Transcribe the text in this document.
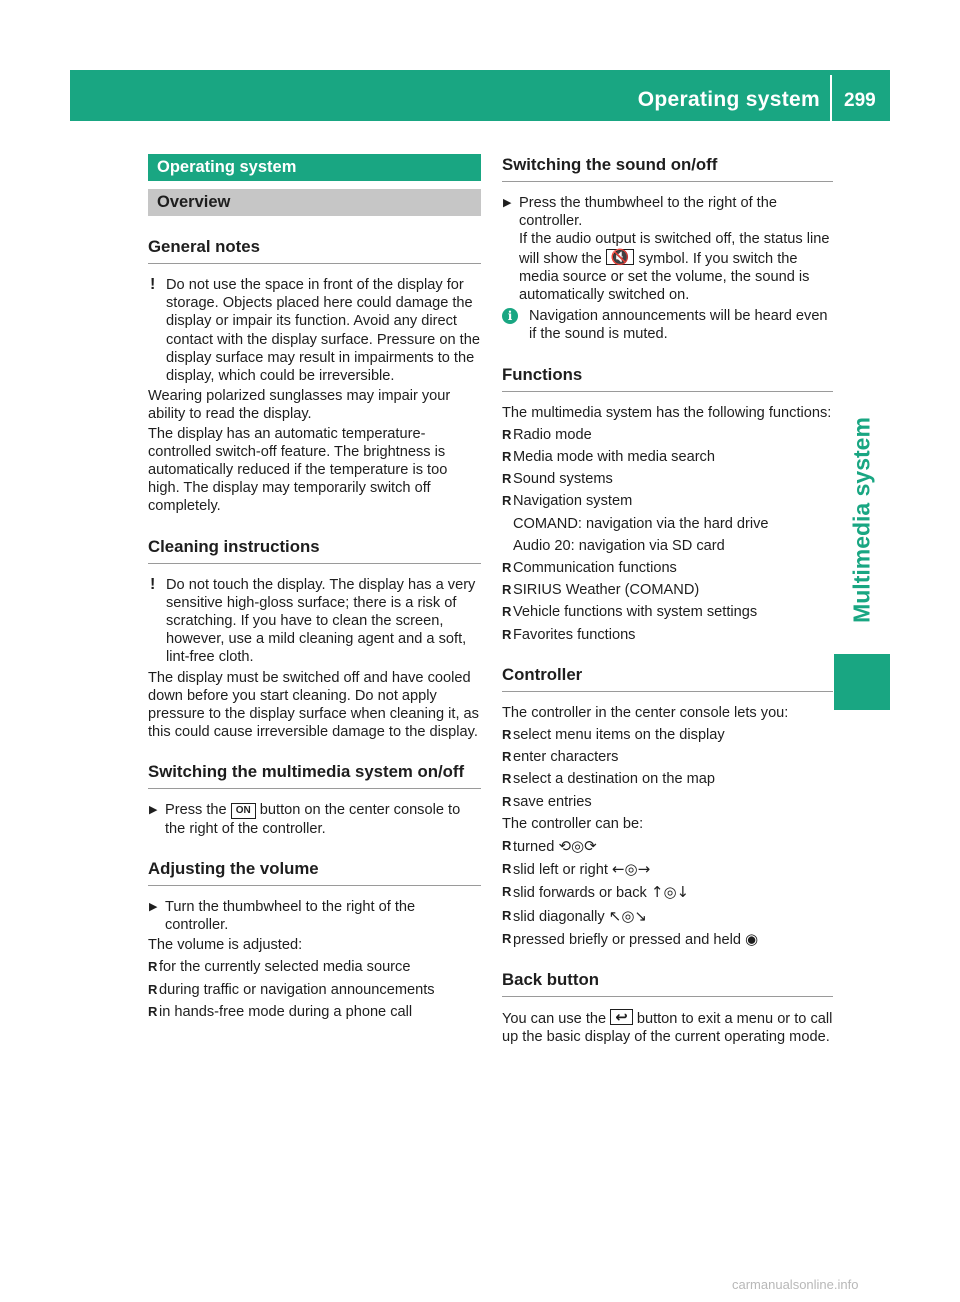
Operating system 299
Multimedia system
Operating system
Overview
General notes
! Do not use the space in front of the display for storage. Objects placed here could damage the display or impair its function. Avoid any direct contact with the display surface. Pressure on the display surface may result in impairments to the display, which could be irreversible.

Wearing polarized sunglasses may impair your ability to read the display.

The display has an automatic temperature-controlled switch-off feature. The brightness is automatically reduced if the temperature is too high. The display may temporarily switch off completely.

Cleaning instructions
! Do not touch the display. The display has a very sensitive high-gloss surface; there is a risk of scratching. If you have to clean the screen, however, use a mild cleaning agent and a soft, lint-free cloth.

The display must be switched off and have cooled down before you start cleaning. Do not apply pressure to the display surface when cleaning it, as this could cause irreversible damage to the display.

Switching the multimedia system on/off
▶ Press the ON button on the center console to the right of the controller.
Adjusting the volume
▶ Turn the thumbwheel to the right of the controller.

The volume is adjusted:

R for the currently selected media source
R during traffic or navigation announcements
R in hands-free mode during a phone call
Switching the sound on/off
▶ Press the thumbwheel to the right of the controller.
If the audio output is switched off, the status line will show the 🔇 symbol. If you switch the media source or set the volume, the sound is automatically switched on.
i	Navigation announcements will be heard even if the sound is muted.
Functions

The multimedia system has the following functions:

R Radio mode
R Media mode with media search
R Sound systems
R Navigation system
COMAND: navigation via the hard drive
Audio 20: navigation via SD card
R Communication functions
R SIRIUS Weather (COMAND)
R Vehicle functions with system settings
R Favorites functions
Controller

The controller in the center console lets you:

R select menu items on the display
R enter characters
R select a destination on the map
R save entries

The controller can be:

R turned ⟲◎⟳
R slid left or right ←◎→
R slid forwards or back ↑◎↓
R slid diagonally ↖◎↘
R pressed briefly or pressed and held ◉
Back button

You can use the ↩ button to exit a menu or to call up the basic display of the current operating mode.

carmanualsonline.info
